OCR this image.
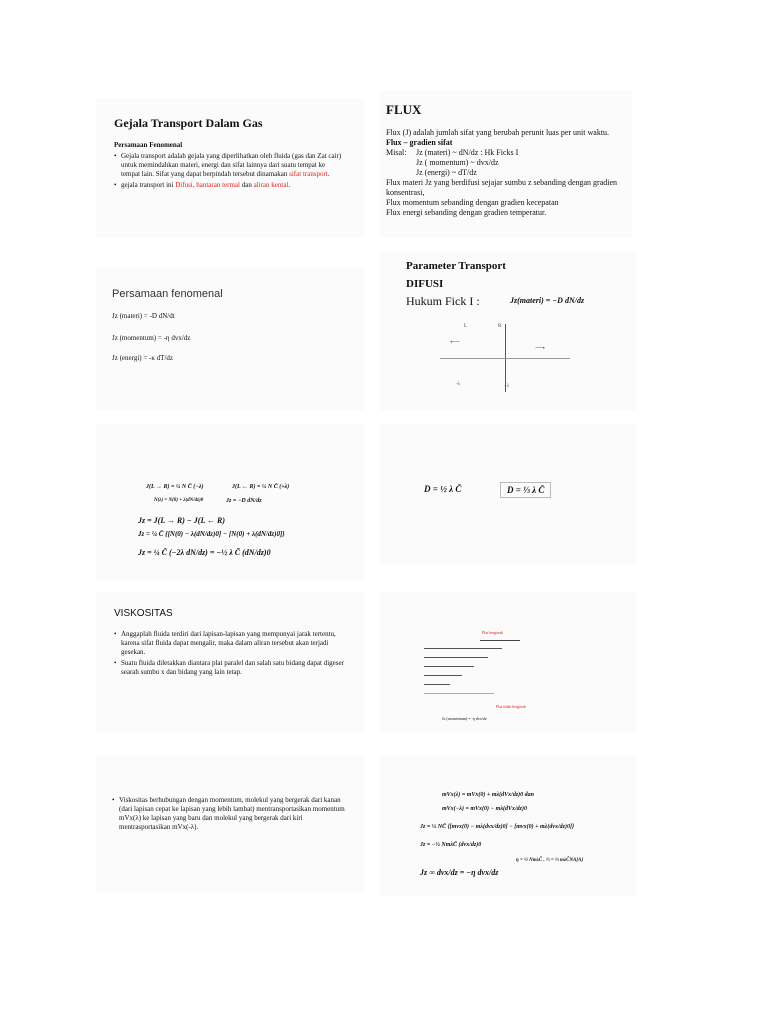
Gejala Transport Dalam Gas
Persamaan Fenomenal
• Gejala transport adalah gejala yang diperlihatkan oleh fluida (gas dan Zat cair) untuk memindahkan materi, energi dan sifat lainnya dari suatu tempat ke tempat lain. Sifat yang dapat berpindah tersebut dinamakan sifat transport.
• gejala transport ini Difusi, hantaran termal dan aliran kental.
FLUX
Flux (J) adalah jumlah sifat yang berubah perunit luas per unit waktu.
Flux – gradien sifat
Misal:	Jz (materi) ~ dN/dz : Hk Ficks I
Jz ( momentum) ~ dvx/dz
Jz (energi) ~ dT/dz
Flux materi Jz yang berdifusi sejajar sumbu z sebanding dengan gradien konsentrasi,
Flux momentum sebanding dengan gradien kecepatan
Flux energi sebanding dengan gradien temperatur.
Persamaan fenomenal
Jz (materi) = -D dN/dt
Jz (momentum) = -η dvx/dz
Jz (energi) = -κ dT/dz
Parameter Transport
DIFUSI
Hukum Fick I :	Jz(materi) = −D dN/dz
⟵
⟶
L	R
-λ	+λ
J(L → R) = ¼ N C̄ (−λ)	J(L ← R) = ¼ N C̄ (+λ)
N(λ) = N(0) + λ(dN/dz)0	Jz = −D dN/dz
Jz = J(L → R) − J(L ← R)
Jz = ¼ C̄ {[N(0) − λ(dN/dz)0] − [N(0) + λ(dN/dz)0]}
Jz = ¼ C̄ (−2λ dN/dz) = −½ λ C̄ (dN/dz)0
D = ½ λ C̄	D = ⅓ λ C̄
VISKOSITAS
• Anggaplah fluida terdiri dari lapisan-lapisan yang mempunyai jarak tertentu, karena sifat fluida dapat mengalir, maka dalam aliran tersebut akan terjadi gesekan.
• Suatu fluida diletakkan diantara plat paralel dan salah satu bidang dapat digeser searah sumbu x dan bidang yang lain tetap.
Plat bergerak
Plat tidak bergerak
Jz (momentum) = -η dvx/dz
• Viskositas berhubungan dengan momentum, molekul yang bergerak dari kanan (dari lapisan cepat ke lapisan yang lebih lambat) mentransportasikan momentum mVx(λ) ke lapisan yang baru dan molekul yang bergerak dari kiri mentrasportasikan mVx(-λ).
mVx(λ) = mVx(0) + mλ(dVx/dz)0 dan
mVx(−λ) = mVx(0) − mλ(dVx/dz)0
Jz = ¼ NC̄ {[mvx(0) − mλ(dvx/dz)0] − [mvx(0) + mλ(dvx/dz)0]}
Jz = −½ NmλC̄ (dvx/dz)0
η = ½ NmλC̄ . ⅔ = ⅓ mλC̄NA[A]
Jz ∞ dvx/dz = −η dvx/dz
